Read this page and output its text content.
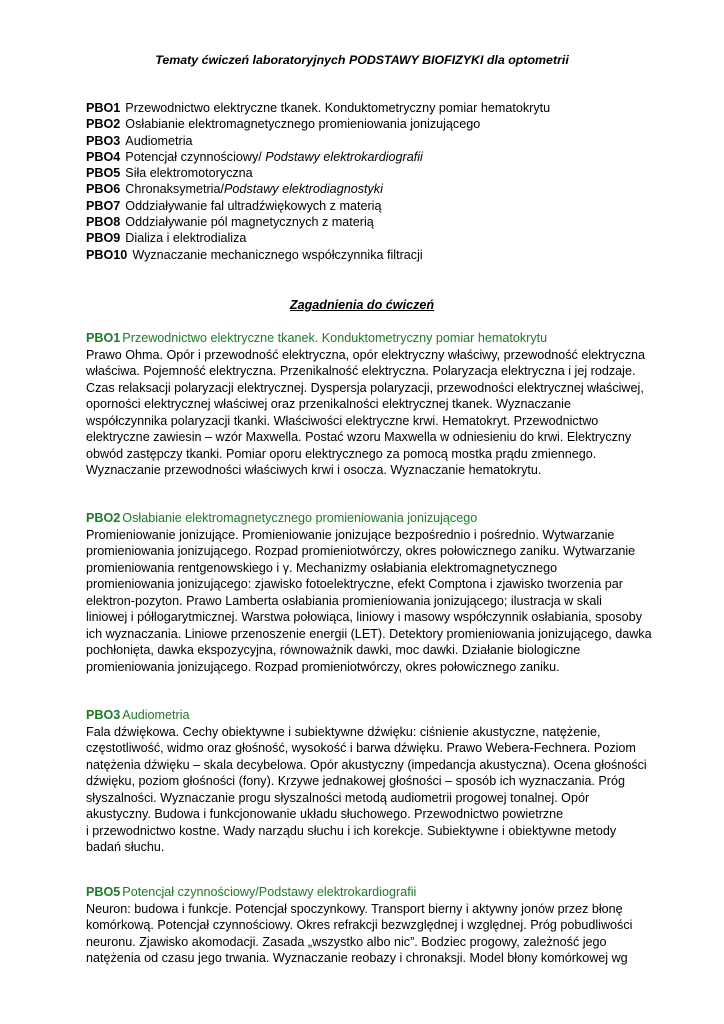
Tematy ćwiczeń laboratoryjnych PODSTAWY BIOFIZYKI dla optometrii
PBO1 Przewodnictwo elektryczne tkanek. Konduktometryczny pomiar hematokrytu
PBO2 Osłabianie elektromagnetycznego promieniowania jonizującego
PBO3 Audiometria
PBO4 Potencjał czynnościowy/ Podstawy elektrokardiografii
PBO5 Siła elektromotoryczna
PBO6 Chronaksymetria/Podstawy elektrodiagnostyki
PBO7 Oddziaływanie fal ultradźwiękowych z materią
PBO8 Oddziaływanie pól magnetycznych z materią
PBO9 Dializa i elektrodializa
PBO10 Wyznaczanie mechanicznego współczynnika filtracji
Zagadnienia do ćwiczeń
PBO1 Przewodnictwo elektryczne tkanek. Konduktometryczny pomiar hematokrytu
Prawo Ohma. Opór i przewodność elektryczna, opór elektryczny właściwy, przewodność elektryczna
właściwa. Pojemność elektryczna. Przenikalność elektryczna. Polaryzacja elektryczna i jej rodzaje.
Czas relaksacji polaryzacji elektrycznej. Dyspersja polaryzacji, przewodności elektrycznej właściwej,
oporności elektrycznej właściwej oraz przenikalności elektrycznej tkanek. Wyznaczanie
współczynnika polaryzacji tkanki. Właściwości elektryczne krwi. Hematokryt. Przewodnictwo
elektryczne zawiesin – wzór Maxwella. Postać wzoru Maxwella w odniesieniu do krwi. Elektryczny
obwód zastępczy tkanki. Pomiar oporu elektrycznego za pomocą mostka prądu zmiennego.
Wyznaczanie przewodności właściwych krwi i osocza. Wyznaczanie hematokrytu.
PBO2 Osłabianie elektromagnetycznego promieniowania jonizującego
Promieniowanie jonizujące. Promieniowanie jonizujące bezpośrednio i pośrednio. Wytwarzanie
promieniowania jonizującego. Rozpad promieniotwórczy, okres połowicznego zaniku. Wytwarzanie
promieniowania rentgenowskiego i γ. Mechanizmy osłabiania elektromagnetycznego
promieniowania jonizującego: zjawisko fotoelektryczne, efekt Comptona i zjawisko tworzenia par
elektron-pozyton. Prawo Lamberta osłabiania promieniowania jonizującego; ilustracja w skali
liniowej i półlogarytmicznej. Warstwa połowiąca, liniowy i masowy współczynnik osłabiania, sposoby
ich wyznaczania. Liniowe przenoszenie energii (LET). Detektory promieniowania jonizującego, dawka
pochłonięta, dawka ekspozycyjna, równoważnik dawki, moc dawki. Działanie biologiczne
promieniowania jonizującego. Rozpad promieniotwórczy, okres połowicznego zaniku.
PBO3 Audiometria
Fala dźwiękowa. Cechy obiektywne i subiektywne dźwięku: ciśnienie akustyczne, natężenie,
częstotliwość, widmo oraz głośność, wysokość i barwa dźwięku. Prawo Webera-Fechnera. Poziom
natężenia dźwięku – skala decybelowa. Opór akustyczny (impedancja akustyczna). Ocena głośności
dźwięku, poziom głośności (fony). Krzywe jednakowej głośności – sposób ich wyznaczania. Próg
słyszalności. Wyznaczanie progu słyszalności metodą audiometrii progowej tonalnej. Opór
akustyczny. Budowa i funkcjonowanie układu słuchowego. Przewodnictwo powietrzne
i przewodnictwo kostne. Wady narządu słuchu i ich korekcje. Subiektywne i obiektywne metody
badań słuchu.
PBO5 Potencjał czynnościowy/Podstawy elektrokardiografii
Neuron: budowa i funkcje. Potencjał spoczynkowy. Transport bierny i aktywny jonów przez błonę
komórkową. Potencjał czynnościowy. Okres refrakcji bezwzględnej i względnej. Próg pobudliwości
neuronu. Zjawisko akomodacji. Zasada „wszystko albo nic”. Bodziec progowy, zależność jego
natężenia od czasu jego trwania. Wyznaczanie reobazy i chronaksji. Model błony komórkowej wg
